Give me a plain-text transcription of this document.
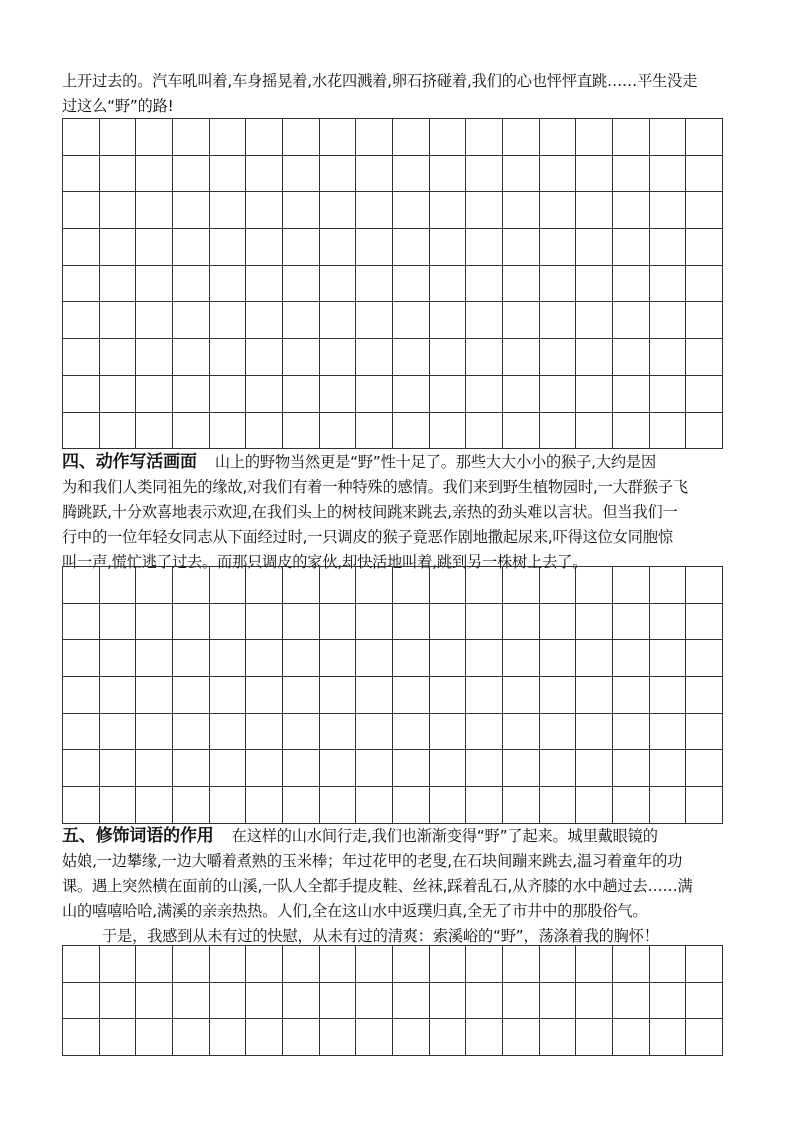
上开过去的。汽车吼叫着,车身摇晃着,水花四溅着,卵石挤碰着,我们的心也怦怦直跳……平生没走
过这么“野”的路!
四、动作写活画面 山上的野物当然更是“野”性十足了。那些大大小小的猴子,大约是因
为和我们人类同祖先的缘故,对我们有着一种特殊的感情。我们来到野生植物园时,一大群猴子飞
腾跳跃,十分欢喜地表示欢迎,在我们头上的树枝间跳来跳去,亲热的劲头难以言状。但当我们一
行中的一位年轻女同志从下面经过时,一只调皮的猴子竟恶作剧地撒起尿来,吓得这位女同胞惊
叫一声,慌忙逃了过去。而那只调皮的家伙,却快活地叫着,跳到另一株树上去了。
五、修饰词语的作用 在这样的山水间行走,我们也渐渐变得“野”了起来。城里戴眼镜的
姑娘,一边攀缘,一边大嚼着煮熟的玉米棒；年过花甲的老叟,在石块间蹦来跳去,温习着童年的功
课。遇上突然横在面前的山溪,一队人全都手提皮鞋、丝袜,踩着乱石,从齐膝的水中趟过去……满
山的嘻嘻哈哈,满溪的亲亲热热。人们,全在这山水中返璞归真,全无了市井中的那股俗气。
于是，我感到从未有过的快慰，从未有过的清爽：索溪峪的“野”，荡涤着我的胸怀！
